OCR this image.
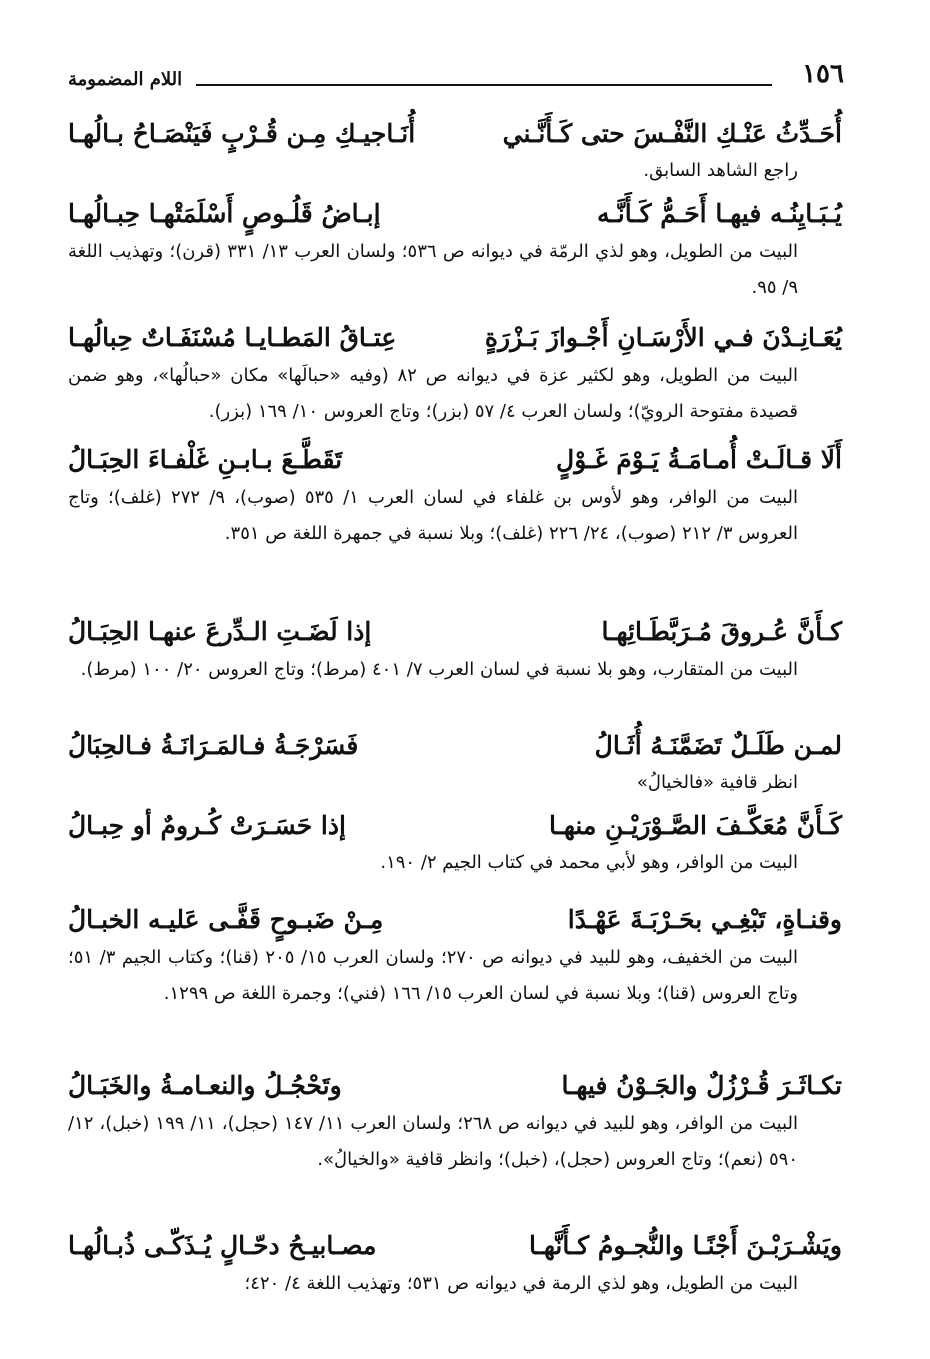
١٥٦
اللام المضمومة
أُحَـدِّثُ عَنْـكِ النَّفْـسَ حتى كَـأَنَّـني
أُنَـاجيـكِ مِـن قُـرْبٍ فَيَنْصَـاحُ بـالُهـا
راجع الشاهد السابق.
يُـبَـايِنُـه فيهـا أَحَـمُّ كَـأَنَّـه
إبـاضُ قَلُـوصٍ أَسْلَمَتْهـا حِبـالُهـا
البيت من الطويل، وهو لذي الرمّة في ديوانه ص ٥٣٦؛ ولسان العرب ١٣/ ٣٣١ (قرن)؛ وتهذيب اللغة ٩/ ٩٥.
يُعَـانِـدْنَ فـي الأَرْسَـانِ أَجْـوازَ بَـزْرَةٍ
عِتـاقُ المَطـايـا مُسْنَفَـاتٌ حِبالُهـا
البيت من الطويل، وهو لكثير عزة في ديوانه ص ٨٢ (وفيه «حبالَها» مكان «حبالُها»، وهو ضمن قصيدة مفتوحة الرويّ)؛ ولسان العرب ٤/ ٥٧ (بزر)؛ وتاج العروس ١٠/ ١٦٩ (بزر).
أَلَا قـالَـتْ أُمـامَـةُ يَـوْمَ غَـوْلٍ
تَقَطَّـعَ بـابـنِ غَلْفـاءَ الحِبَـالُ
البيت من الوافر، وهو لأوس بن غلفاء في لسان العرب ١/ ٥٣٥ (صوب)، ٩/ ٢٧٢ (غلف)؛ وتاج العروس ٣/ ٢١٢ (صوب)، ٢٤/ ٢٢٦ (غلف)؛ وبلا نسبة في جمهرة اللغة ص ٣٥١.
كـأَنَّ عُـروقَ مُـرَبَّطَـائِهـا
إذا لَضَـتِ الـدِّرعَ عنهـا الحِبَـالُ
البيت من المتقارب، وهو بلا نسبة في لسان العرب ٧/ ٤٠١ (مرط)؛ وتاج العروس ٢٠/ ١٠٠ (مرط).
لمـن طَلَـلٌ تَضَمَّنَـهُ أُثَـالُ
فَسَرْجَـةُ فـالمَـرَانَـةُ فـالحِبَالُ
انظر قافية «فالخيالُ»
كَـأَنَّ مُعَكَّـفَ الصَّـوْرَيْـنِ منهـا
إذا حَسَـرَتْ كُـرومٌ أو حِبـالُ
البيت من الوافر، وهو لأبي محمد في كتاب الجيم ٢/ ١٩٠.
وقنـاةٍ، تَبْغِـي بحَـرْبَـةَ عَهْـدًا
مِـنْ ضَبـوحٍ قَفَّـى عَليـه الخبـالُ
البيت من الخفيف، وهو للبيد في ديوانه ص ٢٧٠؛ ولسان العرب ١٥/ ٢٠٥ (قنا)؛ وكتاب الجيم ٣/ ٥١؛ وتاج العروس (قنا)؛ وبلا نسبة في لسان العرب ١٥/ ١٦٦ (فني)؛ وجمرة اللغة ص ١٢٩٩.
تكـاثَـرَ قُـرْزُلٌ والجَـوْنُ فيهـا
وتَحْجُـلُ والنعـامـةُ والخَبَـالُ
البيت من الوافر، وهو للبيد في ديوانه ص ٢٦٨؛ ولسان العرب ١١/ ١٤٧ (حجل)، ١١/ ١٩٩ (خبل)، ١٢/ ٥٩٠ (نعم)؛ وتاج العروس (حجل)، (خبل)؛ وانظر قافية «والخيالُ».
ويَشْـرَبْـنَ أَجْنًـا والنُّجـومُ كـأَنَّهـا
مصـابيـحُ دحّـالٍ يُـذَكّـى ذُبـالُهـا
البيت من الطويل، وهو لذي الرمة في ديوانه ص ٥٣١؛ وتهذيب اللغة ٤/ ٤٢٠؛
